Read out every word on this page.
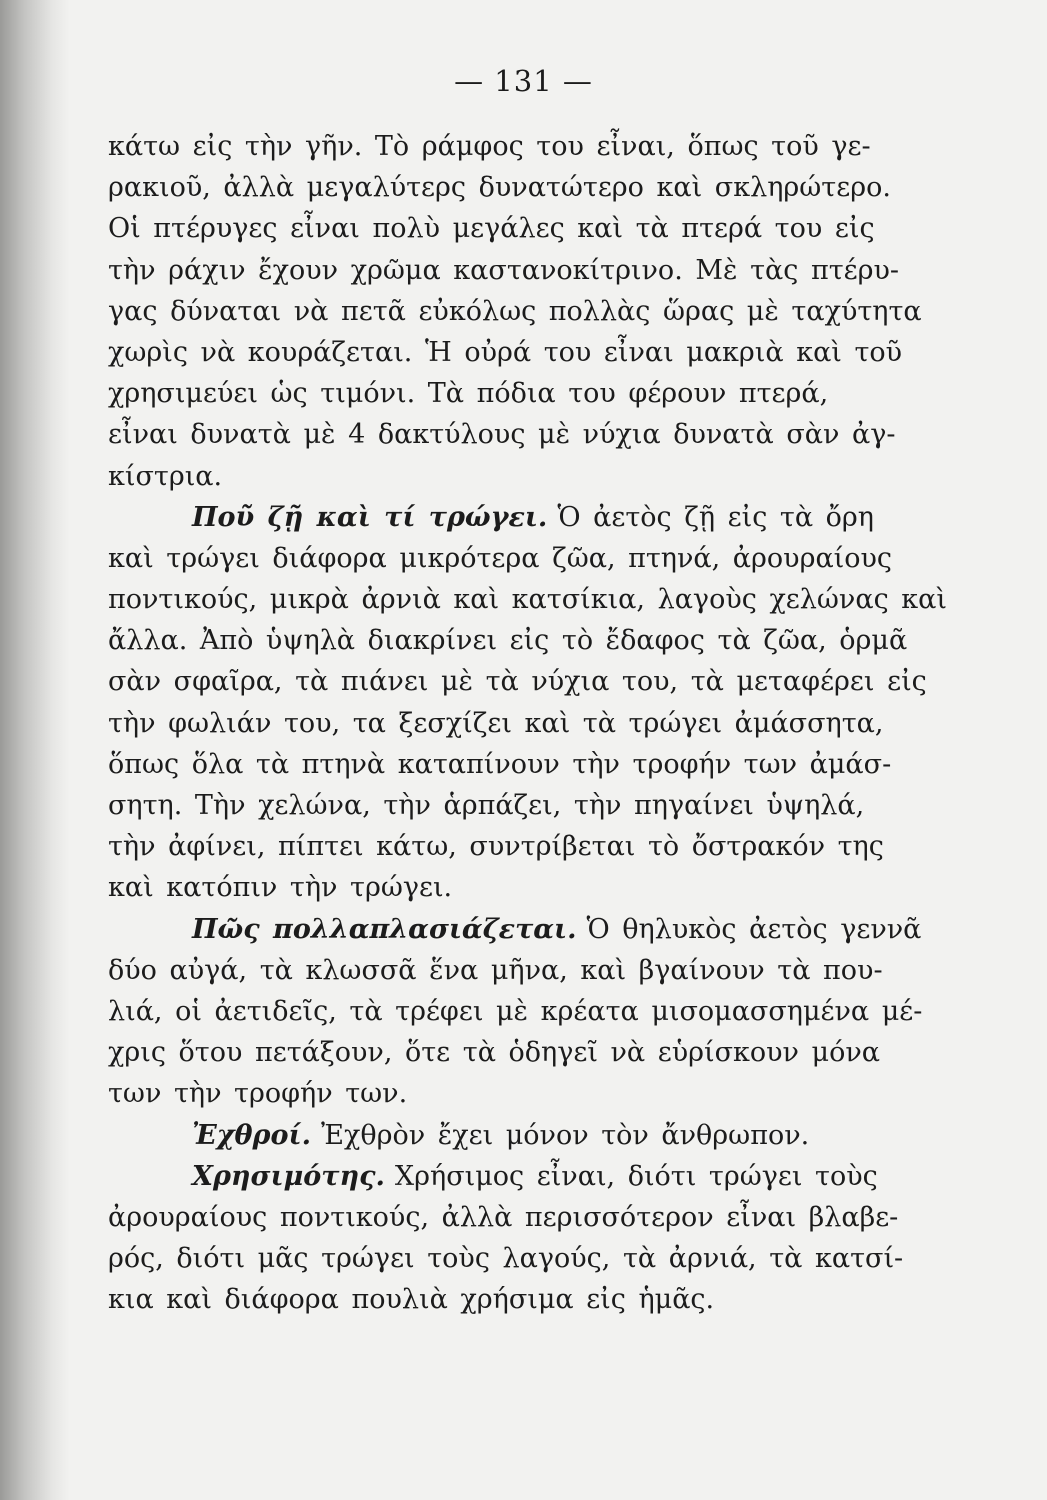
— 131 —
κάτω εἰς τὴν γῆν. Τὸ ράμφος του εἶναι, ὅπως τοῦ γε-
ρακιοῦ, ἀλλὰ μεγαλύτερς δυνατώτερο καὶ σκληρώτερο.
Οἱ πτέρυγες εἶναι πολὺ μεγάλες καὶ τὰ πτερά του εἰς
τὴν ράχιν ἔχουν χρῶμα καστανοκίτρινο. Μὲ τὰς πτέρυ-
γας δύναται νὰ πετᾶ εὐκόλως πολλὰς ὥρας μὲ ταχύτητα
χωρὶς νὰ κουράζεται. Ἡ οὐρά του εἶναι μακριὰ καὶ τοῦ
χρησιμεύει ὡς τιμόνι. Τὰ πόδια του φέρουν πτερά,
εἶναι δυνατὰ μὲ 4 δακτύλους μὲ νύχια δυνατὰ σὰν ἀγ-
κίστρια.
Ποῦ ζῇ καὶ τί τρώγει. Ὁ ἀετὸς ζῇ εἰς τὰ ὄρη
καὶ τρώγει διάφορα μικρότερα ζῶα, πτηνά, ἀρουραίους
ποντικούς, μικρὰ ἀρνιὰ καὶ κατσίκια, λαγοὺς χελώνας καὶ
ἄλλα. Ἀπὸ ὑψηλὰ διακρίνει εἰς τὸ ἔδαφος τὰ ζῶα, ὁρμᾶ
σὰν σφαῖρα, τὰ πιάνει μὲ τὰ νύχια του, τὰ μεταφέρει εἰς
τὴν φωλιάν του, τα ξεσχίζει καὶ τὰ τρώγει ἀμάσσητα,
ὅπως ὅλα τὰ πτηνὰ καταπίνουν τὴν τροφήν των ἀμάσ-
σητη. Τὴν χελώνα, τὴν ἁρπάζει, τὴν πηγαίνει ὑψηλά,
τὴν ἀφίνει, πίπτει κάτω, συντρίβεται τὸ ὄστρακόν της
καὶ κατόπιν τὴν τρώγει.
Πῶς πολλαπλασιάζεται. Ὁ θηλυκὸς ἀετὸς γεννᾶ
δύο αὐγά, τὰ κλωσσᾶ ἕνα μῆνα, καὶ βγαίνουν τὰ που-
λιά, οἱ ἀετιδεῖς, τὰ τρέφει μὲ κρέατα μισομασσημένα μέ-
χρις ὅτου πετάξουν, ὅτε τὰ ὁδηγεῖ νὰ εὑρίσκουν μόνα
των τὴν τροφήν των.
Ἐχθροί. Ἐχθρὸν ἔχει μόνον τὸν ἄνθρωπον.
Χρησιμότης. Χρήσιμος εἶναι, διότι τρώγει τοὺς
ἀρουραίους ποντικούς, ἀλλὰ περισσότερον εἶναι βλαβε-
ρός, διότι μᾶς τρώγει τοὺς λαγούς, τὰ ἀρνιά, τὰ κατσί-
κια καὶ διάφορα πουλιὰ χρήσιμα εἰς ἡμᾶς.
